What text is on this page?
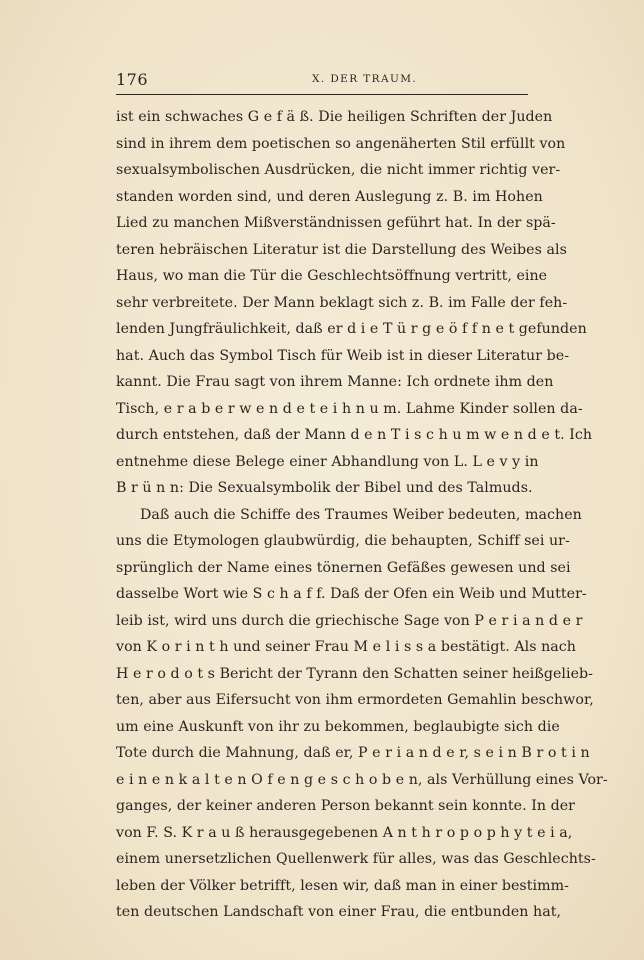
176	X. DER TRAUM.
ist ein schwaches G e f ä ß. Die heiligen Schriften der Juden
sind in ihrem dem poetischen so angenäherten Stil erfüllt von
sexualsymbolischen Ausdrücken, die nicht immer richtig ver-
standen worden sind, und deren Auslegung z. B. im Hohen
Lied zu manchen Mißverständnissen geführt hat. In der spä-
teren hebräischen Literatur ist die Darstellung des Weibes als
Haus, wo man die Tür die Geschlechtsöffnung vertritt, eine
sehr verbreitete. Der Mann beklagt sich z. B. im Falle der feh-
lenden Jungfräulichkeit, daß er d i e T ü r g e ö f f n e t gefunden
hat. Auch das Symbol Tisch für Weib ist in dieser Literatur be-
kannt. Die Frau sagt von ihrem Manne: Ich ordnete ihm den
Tisch, e r a b e r w e n d e t e i h n u m. Lahme Kinder sollen da-
durch entstehen, daß der Mann d e n T i s c h u m w e n d e t. Ich
entnehme diese Belege einer Abhandlung von L. L e v y in
B r ü n n: Die Sexualsymbolik der Bibel und des Talmuds.
Daß auch die Schiffe des Traumes Weiber bedeuten, machen
uns die Etymologen glaubwürdig, die behaupten, Schiff sei ur-
sprünglich der Name eines tönernen Gefäßes gewesen und sei
dasselbe Wort wie S c h a f f. Daß der Ofen ein Weib und Mutter-
leib ist, wird uns durch die griechische Sage von P e r i a n d e r
von K o r i n t h und seiner Frau M e l i s s a bestätigt. Als nach
H e r o d o t s Bericht der Tyrann den Schatten seiner heißgelieb-
ten, aber aus Eifersucht von ihm ermordeten Gemahlin beschwor,
um eine Auskunft von ihr zu bekommen, beglaubigte sich die
Tote durch die Mahnung, daß er, P e r i a n d e r, s e i n B r o t i n
e i n e n k a l t e n O f e n g e s c h o b e n, als Verhüllung eines Vor-
ganges, der keiner anderen Person bekannt sein konnte. In der
von F. S. K r a u ß herausgegebenen A n t h r o p o p h y t e i a,
einem unersetzlichen Quellenwerk für alles, was das Geschlechts-
leben der Völker betrifft, lesen wir, daß man in einer bestimm-
ten deutschen Landschaft von einer Frau, die entbunden hat,
